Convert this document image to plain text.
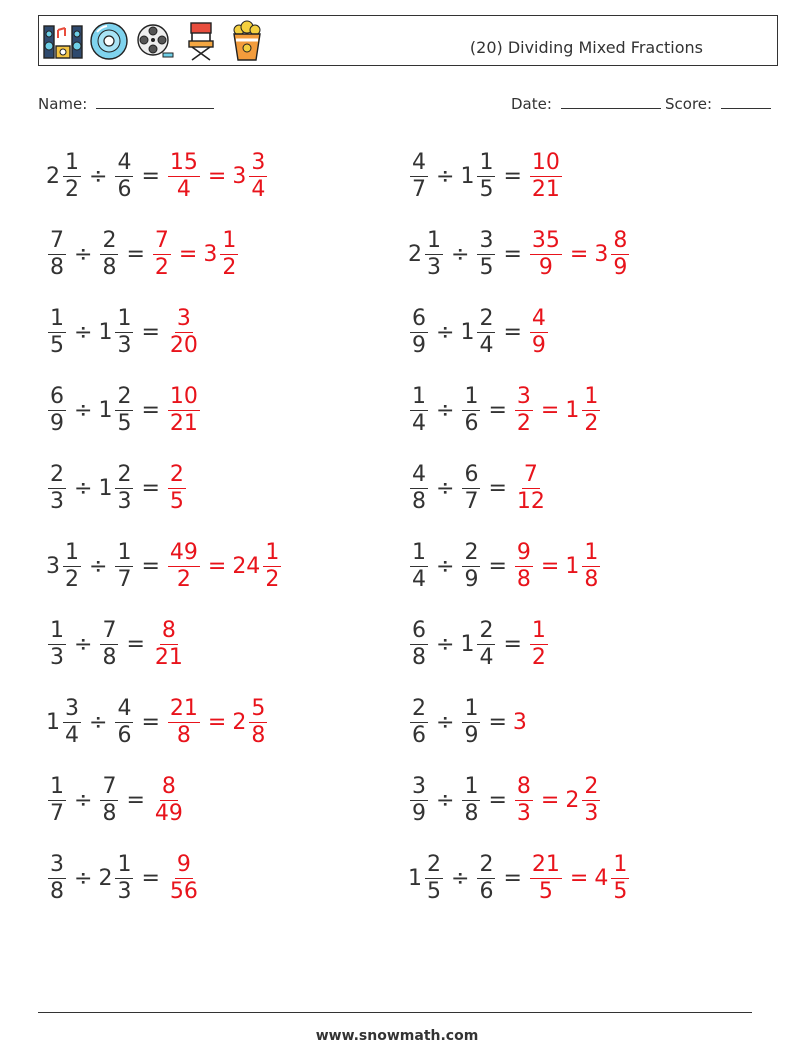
(20) Dividing Mixed Fractions
Name:	Date:	Score:
$2 \frac{1}{2} \div \frac{4}{6} = \frac{15}{4} = 3 \frac{3}{4}$
$\frac{7}{8} \div \frac{2}{8} = \frac{7}{2} = 3 \frac{1}{2}$
$\frac{1}{5} \div 1 \frac{1}{3} = \frac{3}{20}$
$\frac{6}{9} \div 1 \frac{2}{5} = \frac{10}{21}$
$\frac{2}{3} \div 1 \frac{2}{3} = \frac{2}{5}$
$3 \frac{1}{2} \div \frac{1}{7} = \frac{49}{2} = 24 \frac{1}{2}$
$\frac{1}{3} \div \frac{7}{8} = \frac{8}{21}$
$1 \frac{3}{4} \div \frac{4}{6} = \frac{21}{8} = 2 \frac{5}{8}$
$\frac{1}{7} \div \frac{7}{8} = \frac{8}{49}$
$\frac{3}{8} \div 2 \frac{1}{3} = \frac{9}{56}$
$\frac{4}{7} \div 1 \frac{1}{5} = \frac{10}{21}$
$2 \frac{1}{3} \div \frac{3}{5} = \frac{35}{9} = 3 \frac{8}{9}$
$\frac{6}{9} \div 1 \frac{2}{4} = \frac{4}{9}$
$\frac{1}{4} \div \frac{1}{6} = \frac{3}{2} = 1 \frac{1}{2}$
$\frac{4}{8} \div \frac{6}{7} = \frac{7}{12}$
$\frac{1}{4} \div \frac{2}{9} = \frac{9}{8} = 1 \frac{1}{8}$
$\frac{6}{8} \div 1 \frac{2}{4} = \frac{1}{2}$
$\frac{2}{6} \div \frac{1}{9} = 3$
$\frac{3}{9} \div \frac{1}{8} = \frac{8}{3} = 2 \frac{2}{3}$
$1 \frac{2}{5} \div \frac{2}{6} = \frac{21}{5} = 4 \frac{1}{5}$
www.snowmath.com
